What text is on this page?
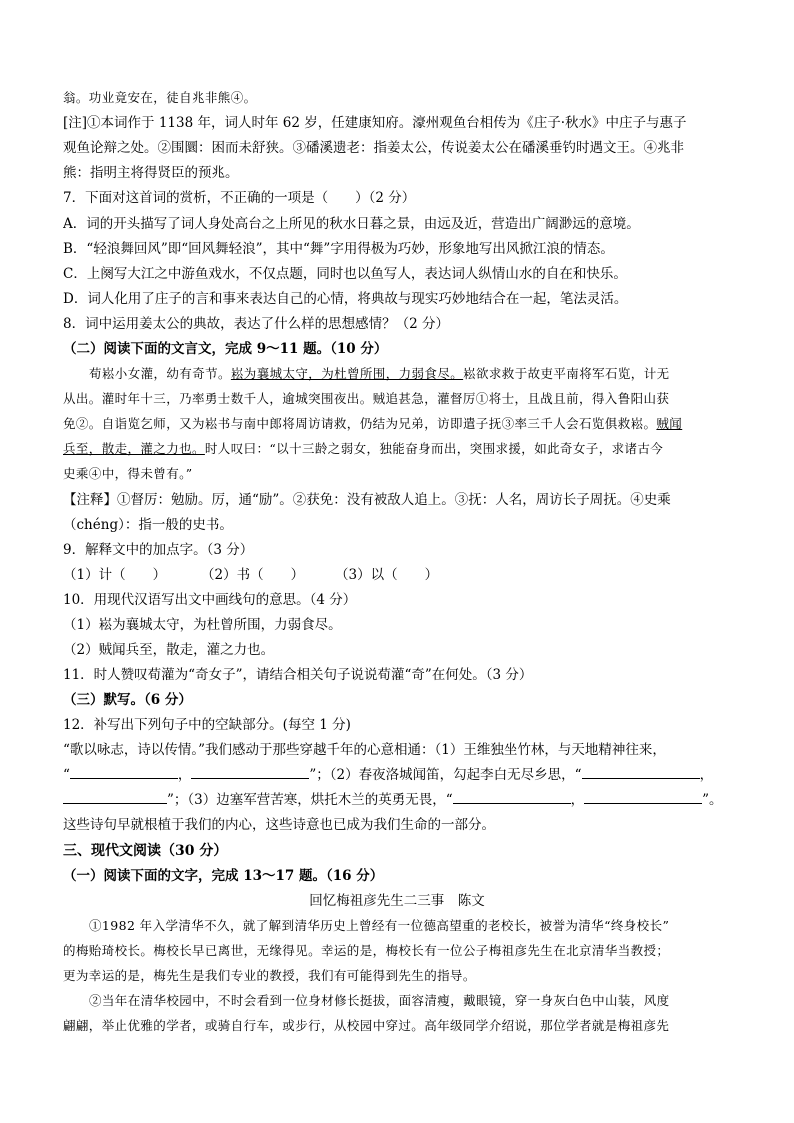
翁。功业竟安在，徒自兆非熊④。
[注]①本词作于 1138 年，词人时年 62 岁，任建康知府。濠州观鱼台相传为《庄子·秋水》中庄子与惠子
观鱼论辩之处。②围圜：困而未舒狭。③磻溪遗老：指姜太公，传说姜太公在磻溪垂钓时遇文王。④兆非
熊：指明主将得贤臣的预兆。
7．下面对这首词的赏析，不正确的一项是（　　）（2 分）
A．词的开头描写了词人身处高台之上所见的秋水日暮之景，由远及近，营造出广阔渺远的意境。
B．“轻浪舞回风”即“回风舞轻浪”，其中“舞”字用得极为巧妙，形象地写出风掀江浪的情态。
C．上阕写大江之中游鱼戏水，不仅点题，同时也以鱼写人，表达词人纵情山水的自在和快乐。
D．词人化用了庄子的言和事来表达自己的心情，将典故与现实巧妙地结合在一起，笔法灵活。
8．词中运用姜太公的典故，表达了什么样的思想感情？（2 分）
（二）阅读下面的文言文，完成 9～11 题。（10 分）
荀崧小女灌，幼有奇节。崧为襄城太守，为杜曾所围，力弱食尽。崧欲求救于故吏平南将军石览，计无
从出。灌时年十三，乃率勇士数千人，逾城突围夜出。贼追甚急，灌督厉①将士，且战且前，得入鲁阳山获
免②。自诣览乞师，又为崧书与南中郎将周访请救，仍结为兄弟，访即遣子抚③率三千人会石览俱救崧。贼闻
兵至，散走，灌之力也。时人叹曰：“以十三龄之弱女，独能奋身而出，突围求援，如此奇女子，求诸古今
史乘④中，得未曾有。”
【注释】①督厉：勉励。厉，通“励”。②获免：没有被敌人追上。③抚：人名，周访长子周抚。④史乘
（chéng）：指一般的史书。
9．解释文中的加点字。（3 分）
（1）计（　　）	（2）书（　　） （3）以（　　）
10．用现代汉语写出文中画线句的意思。（4 分）
（1）崧为襄城太守，为杜曾所围，力弱食尽。
（2）贼闻兵至，散走，灌之力也。
11．时人赞叹荀灌为“奇女子”，请结合相关句子说说荀灌“奇”在何处。（3 分）
（三）默写。（6 分）
12．补写出下列句子中的空缺部分。(每空 1 分)
“歌以咏志，诗以传情。”我们感动于那些穿越千年的心意相通：（1）王维独坐竹林，与天地精神往来，
“	，	”；（2）春夜洛城闻笛，勾起李白无尽乡思，“	，
”；（3）边塞军营苦寒，烘托木兰的英勇无畏，“	，	”。
这些诗句早就根植于我们的内心，这些诗意也已成为我们生命的一部分。
三、现代文阅读（30 分）
（一）阅读下面的文字，完成 13～17 题。（16 分）
回忆梅祖彦先生二三事　陈文
①1982 年入学清华不久，就了解到清华历史上曾经有一位德高望重的老校长，被誉为清华“终身校长”
的梅贻琦校长。梅校长早已离世，无缘得见。幸运的是，梅校长有一位公子梅祖彦先生在北京清华当教授；
更为幸运的是，梅先生是我们专业的教授，我们有可能得到先生的指导。
②当年在清华校园中，不时会看到一位身材修长挺拔，面容清瘦，戴眼镜，穿一身灰白色中山装，风度
翩翩，举止优雅的学者，或骑自行车，或步行，从校园中穿过。高年级同学介绍说，那位学者就是梅祖彦先
